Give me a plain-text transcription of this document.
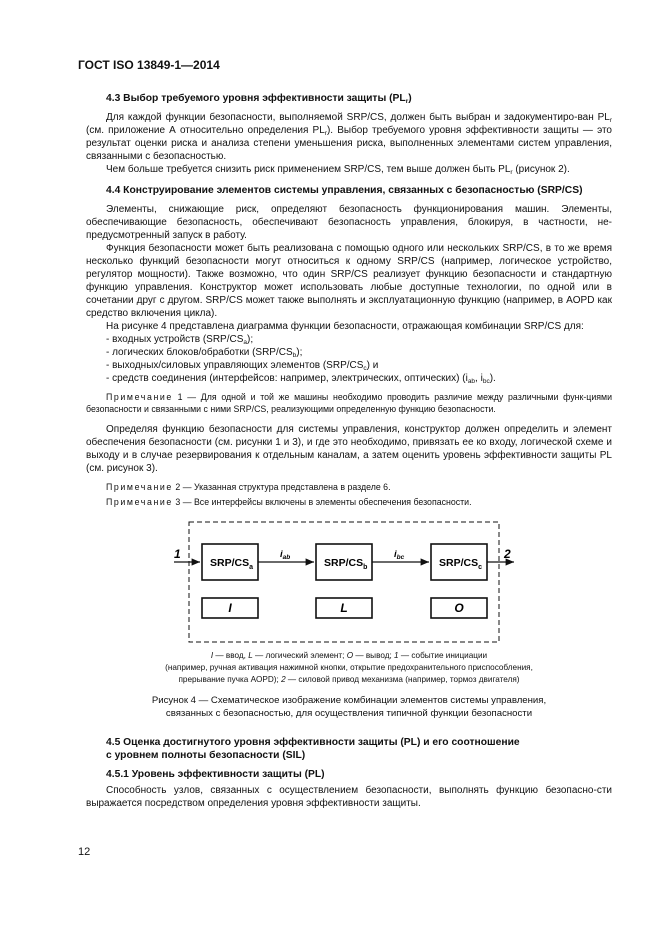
ГОСТ ISO 13849-1—2014

4.3 Выбор требуемого уровня эффективности защиты $(PL_r)$

Для каждой функции безопасности, выполняемой SRP/CS, должен быть выбран и задокументиро-ван $PL_r$ (см. приложение А относительно определения $PL_r$). Выбор требуемого уровня эффективности защиты — это результат оценки риска и анализа степени уменьшения риска, выполненных элементами систем управления, связанными с безопасностью.

Чем больше требуется снизить риск применением SRP/CS, тем выше должен быть $PL_r$ (рисунок 2).

4.4 Конструирование элементов системы управления, связанных с безопасностью (SRP/CS)

Элементы, снижающие риск, определяют безопасность функционирования машин. Элементы, обеспечивающие безопасность, обеспечивают безопасность управления, блокируя, в частности, не-предусмотренный запуск в работу.

Функция безопасности может быть реализована с помощью одного или нескольких SRP/CS, в то же время несколько функций безопасности могут относиться к одному SRP/CS (например, логическое устройство, регулятор мощности). Также возможно, что один SRP/CS реализует функцию безопасности и стандартную функцию управления. Конструктор может использовать любые доступные технологии, по одной или в сочетании друг с другом. SRP/CS может также выполнять и эксплуатационную функцию (например, в AOPD как средство включения цикла).

На рисунке 4 представлена диаграмма функции безопасности, отражающая комбинации SRP/CS для:

- входных устройств $(SRP/CS_a)$;

- логических блоков/обработки $(SRP/CS_b)$;

- выходных/силовых управляющих элементов $(SRP/CS_c)$ и

- средств соединения (интерфейсов: например, электрических, оптических) ($i_{ab}$, $i_{bc}$).

Примечание 1 — Для одной и той же машины необходимо проводить различие между различными функ-циями безопасности и связанными с ними SRP/CS, реализующими определенную функцию безопасности.

Определяя функцию безопасности для системы управления, конструктор должен определить и элемент обеспечения безопасности (см. рисунки 1 и 3), и где это необходимо, привязать ее ко входу, логической схеме и выходу и в случае резервирования к отдельным каналам, а затем оценить уровень эффективности защиты PL (см. рисунок 3).

Примечание 2 — Указанная структура представлена в разделе 6.

Примечание 3 — Все интерфейсы включены в элементы обеспечения безопасности.

SRP/$CS_a$	SRP/$CS_b$	SRP/$CS_c$
1	2
$i_{ab}$	$i_{bc}$
I	L	O

I — ввод, L — логический элемент; O — вывод; 1 — событие инициации

(например, ручная активация нажимной кнопки, открытие предохранительного приспособления,

прерывание пучка AOPD); 2 — силовой привод механизма (например, тормоз двигателя)

Рисунок 4 — Схематическое изображение комбинации элементов системы управления,

связанных с безопасностью, для осуществления типичной функции безопасности

4.5 Оценка достигнутого уровня эффективности защиты (PL) и его соотношение

с уровнем полноты безопасности (SIL)

4.5.1 Уровень эффективности защиты (PL)

Способность узлов, связанных с осуществлением безопасности, выполнять функцию безопасно-сти выражается посредством определения уровня эффективности защиты.

12
